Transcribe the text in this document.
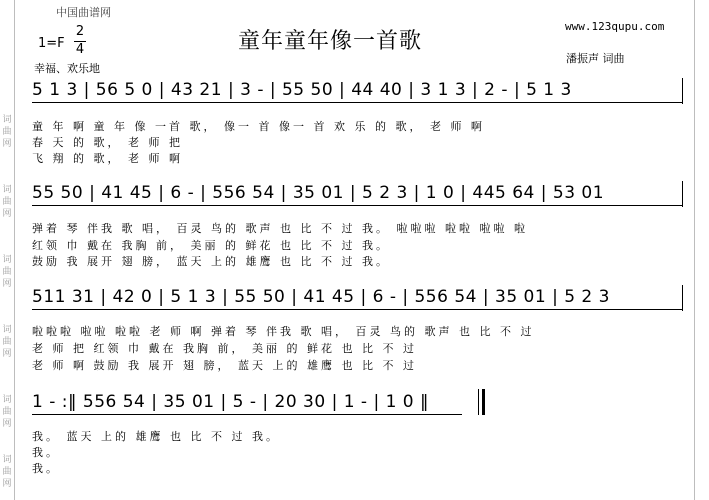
词
曲
网
词
曲
网
词
曲
网
词
曲
网
词
曲
网
词
曲
网
中国曲谱网
1=F
2
4
幸福、欢乐地
童年童年像一首歌
www.123qupu.com
潘振声 词曲
5 1 3 | 56 5 0 | 43 21 | 3 - | 55 50 | 44 40 | 3 1 3 | 2 - | 5 1 3
童 年 啊 童 年 像 一首 歌， 像一 首 像一 首 欢 乐 的 歌， 老 师 啊
春 天 的 歌， 老 师 把
飞 翔 的 歌， 老 师 啊
55 50 | 41 45 | 6 - | 556 54 | 35 01 | 5 2 3 | 1 0 | 445 64 | 53 01
弹着 琴 伴我 歌 唱， 百灵 鸟的 歌声 也 比 不 过 我。 啦啦啦 啦啦 啦啦 啦
红领 巾 戴在 我胸 前， 美丽 的 鲜花 也 比 不 过 我。
鼓励 我 展开 翅 膀， 蓝天 上的 雄鹰 也 比 不 过 我。
511 31 | 42 0 | 5 1 3 | 55 50 | 41 45 | 6 - | 556 54 | 35 01 | 5 2 3
啦啦啦 啦啦 啦啦 老 师 啊 弹着 琴 伴我 歌 唱， 百灵 鸟的 歌声 也 比 不 过
老 师 把 红领 巾 戴在 我胸 前， 美丽 的 鲜花 也 比 不 过
老 师 啊 鼓励 我 展开 翅 膀， 蓝天 上的 雄鹰 也 比 不 过
1 - :‖ 556 54 | 35 01 | 5 - | 20 30 | 1 - | 1 0 ‖
我。 蓝天 上的 雄鹰 也 比 不 过 我。
我。
我。
